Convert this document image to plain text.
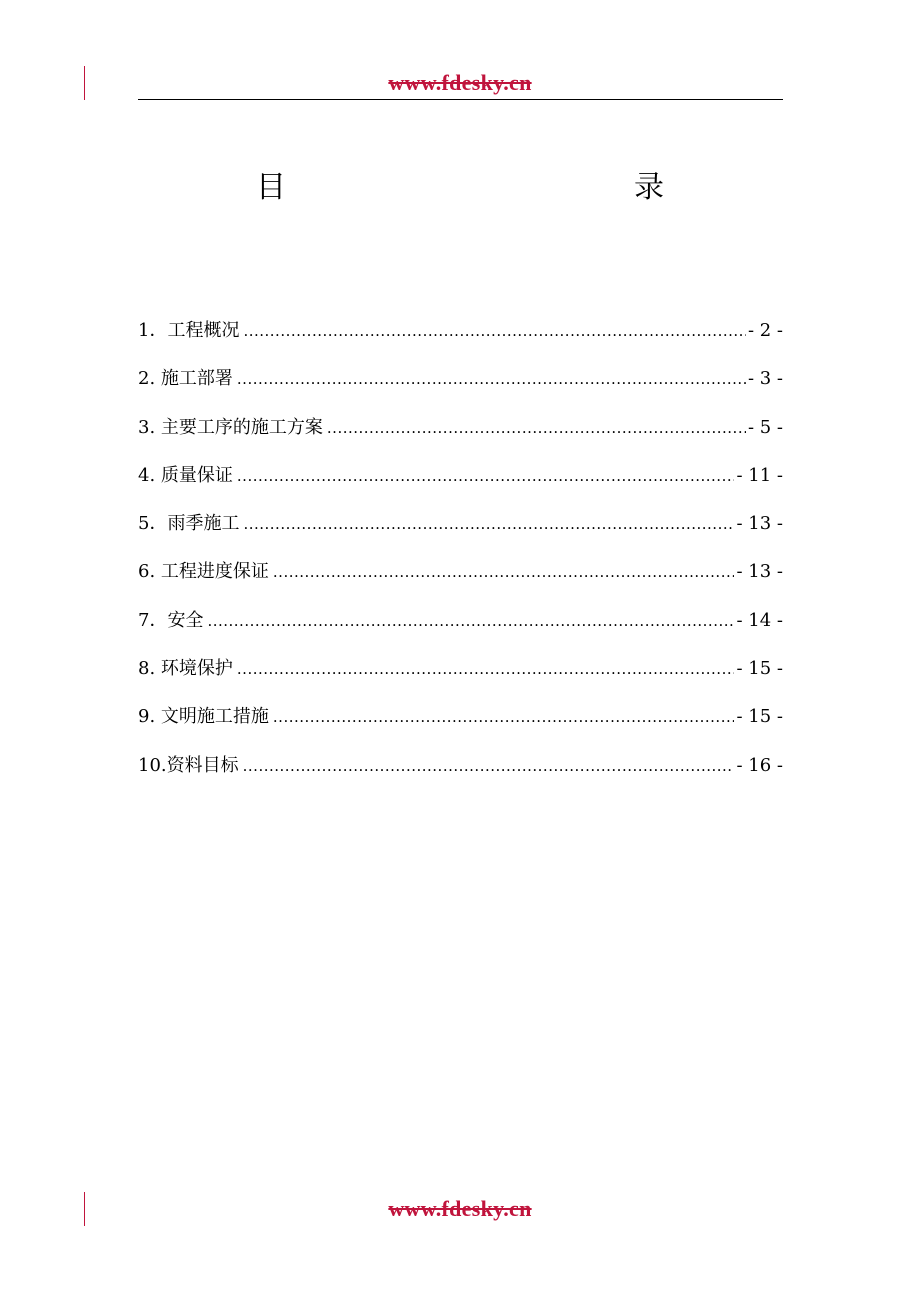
www.fdesky.cn
目　　录
1．工程概况 .....	- 2 -
2. 施工部署 .....	- 3 -
3. 主要工序的施工方案 .....	- 5 -
4. 质量保证 .....	- 11 -
5．雨季施工 .....	- 13 -
6. 工程进度保证 .....	- 13 -
7．安全 .....	- 14 -
8. 环境保护 .....	- 15 -
9. 文明施工措施 .....	- 15 -
10.资料目标 .....	- 16 -
www.fdesky.cn
